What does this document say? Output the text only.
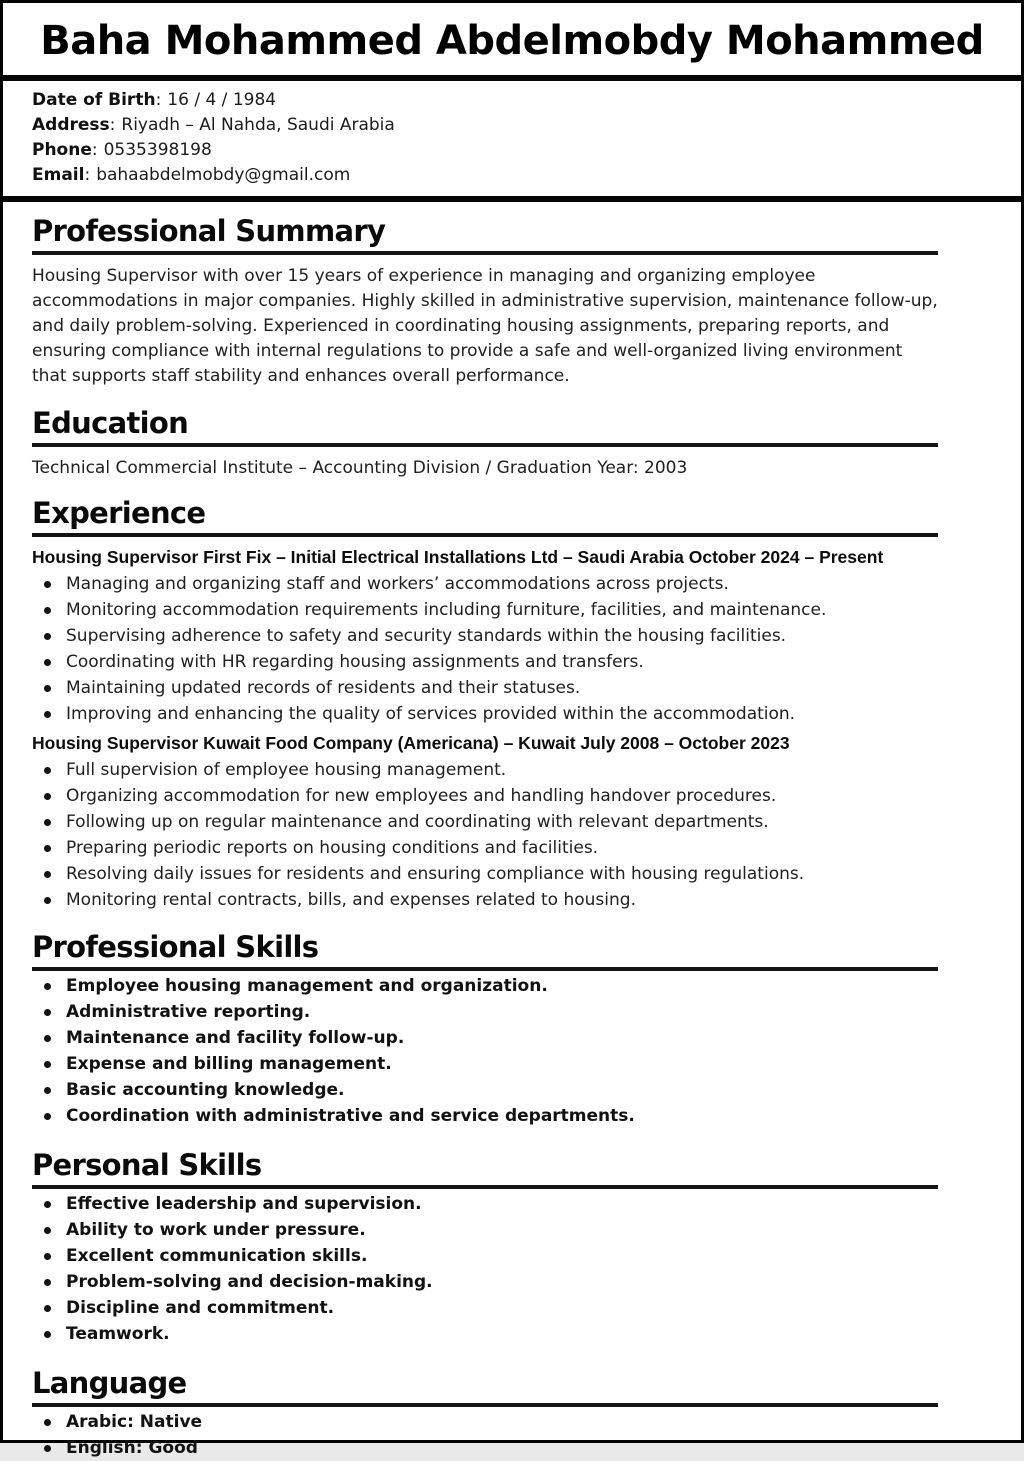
Baha Mohammed Abdelmobdy Mohammed
Date of Birth: 16 / 4 / 1984
Address: Riyadh – Al Nahda, Saudi Arabia
Phone: 0535398198
Email: bahaabdelmobdy@gmail.com
Professional Summary

Housing Supervisor with over 15 years of experience in managing and organizing employee accommodations in major companies. Highly skilled in administrative supervision, maintenance follow-up, and daily problem-solving. Experienced in coordinating housing assignments, preparing reports, and ensuring compliance with internal regulations to provide a safe and well-organized living environment that supports staff stability and enhances overall performance.

Education

Technical Commercial Institute – Accounting Division / Graduation Year: 2003

Experience
Housing Supervisor First Fix – Initial Electrical Installations Ltd – Saudi Arabia October 2024 – Present
Managing and organizing staff and workers’ accommodations across projects.
Monitoring accommodation requirements including furniture, facilities, and maintenance.
Supervising adherence to safety and security standards within the housing facilities.
Coordinating with HR regarding housing assignments and transfers.
Maintaining updated records of residents and their statuses.
Improving and enhancing the quality of services provided within the accommodation.
Housing Supervisor Kuwait Food Company (Americana) – Kuwait July 2008 – October 2023
Full supervision of employee housing management.
Organizing accommodation for new employees and handling handover procedures.
Following up on regular maintenance and coordinating with relevant departments.
Preparing periodic reports on housing conditions and facilities.
Resolving daily issues for residents and ensuring compliance with housing regulations.
Monitoring rental contracts, bills, and expenses related to housing.
Professional Skills
Employee housing management and organization.
Administrative reporting.
Maintenance and facility follow-up.
Expense and billing management.
Basic accounting knowledge.
Coordination with administrative and service departments.
Personal Skills
Effective leadership and supervision.
Ability to work under pressure.
Excellent communication skills.
Problem-solving and decision-making.
Discipline and commitment.
Teamwork.
Language
Arabic: Native
English: Good
